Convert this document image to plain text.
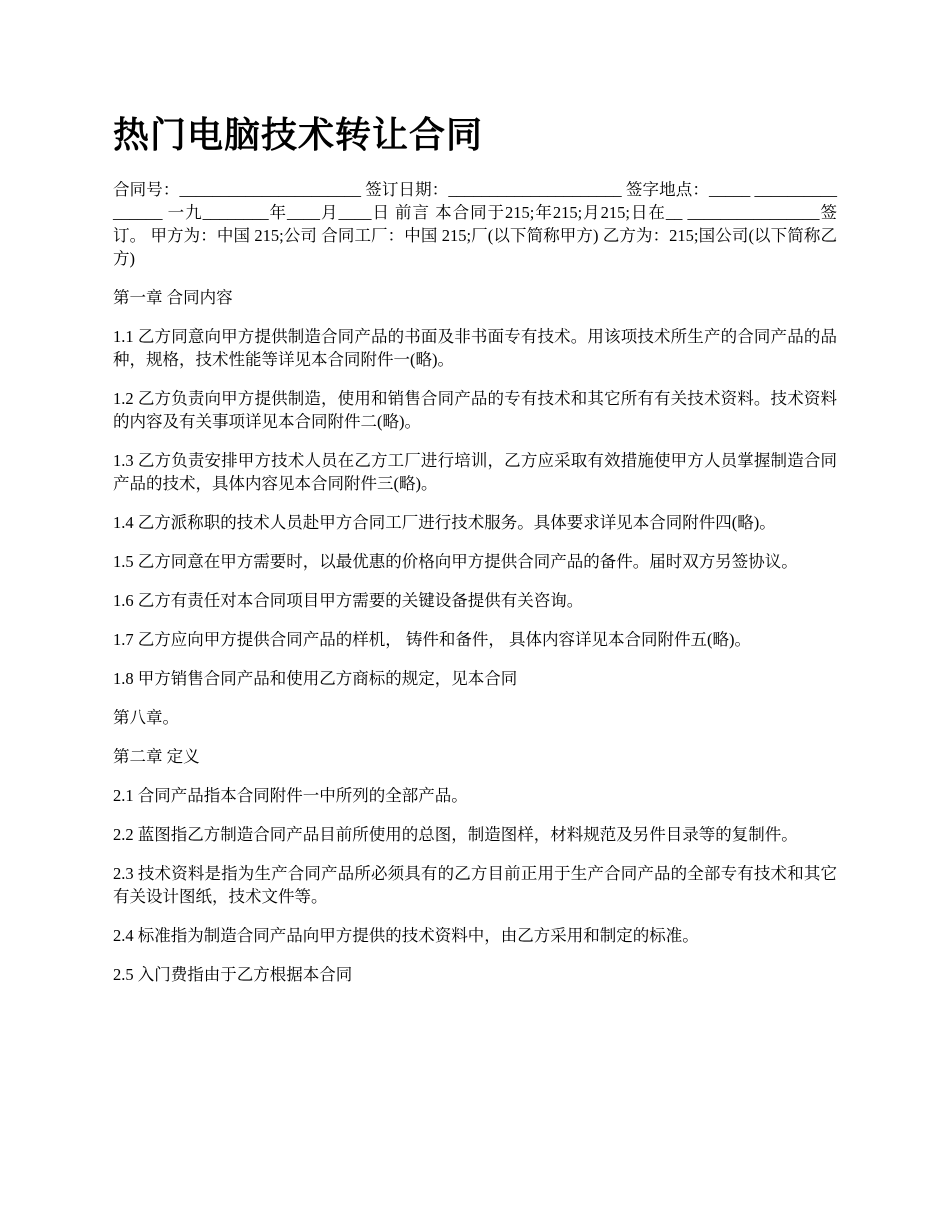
热门电脑技术转让合同

合同号：______________________ 签订日期：_____________________ 签字地点：_____ ________________ 一九________年____月____日 前言 本合同于215;年215;月215;日在__ ________________签订。 甲方为：中国 215;公司 合同工厂：中国 215;厂(以下简称甲方) 乙方为：215;国公司(以下简称乙方)

第一章 合同内容

1.1 乙方同意向甲方提供制造合同产品的书面及非书面专有技术。用该项技术所生产的合同产品的品种，规格，技术性能等详见本合同附件一(略)。

1.2 乙方负责向甲方提供制造，使用和销售合同产品的专有技术和其它所有有关技术资料。技术资料的内容及有关事项详见本合同附件二(略)。

1.3 乙方负责安排甲方技术人员在乙方工厂进行培训，乙方应采取有效措施使甲方人员掌握制造合同产品的技术，具体内容见本合同附件三(略)。

1.4 乙方派称职的技术人员赴甲方合同工厂进行技术服务。具体要求详见本合同附件四(略)。

1.5 乙方同意在甲方需要时，以最优惠的价格向甲方提供合同产品的备件。届时双方另签协议。

1.6 乙方有责任对本合同项目甲方需要的关键设备提供有关咨询。

1.7 乙方应向甲方提供合同产品的样机， 铸件和备件， 具体内容详见本合同附件五(略)。

1.8 甲方销售合同产品和使用乙方商标的规定，见本合同

第八章。

第二章 定义

2.1 合同产品指本合同附件一中所列的全部产品。

2.2 蓝图指乙方制造合同产品目前所使用的总图，制造图样，材料规范及另件目录等的复制件。

2.3 技术资料是指为生产合同产品所必须具有的乙方目前正用于生产合同产品的全部专有技术和其它有关设计图纸，技术文件等。

2.4 标准指为制造合同产品向甲方提供的技术资料中，由乙方采用和制定的标准。

2.5 入门费指由于乙方根据本合同
